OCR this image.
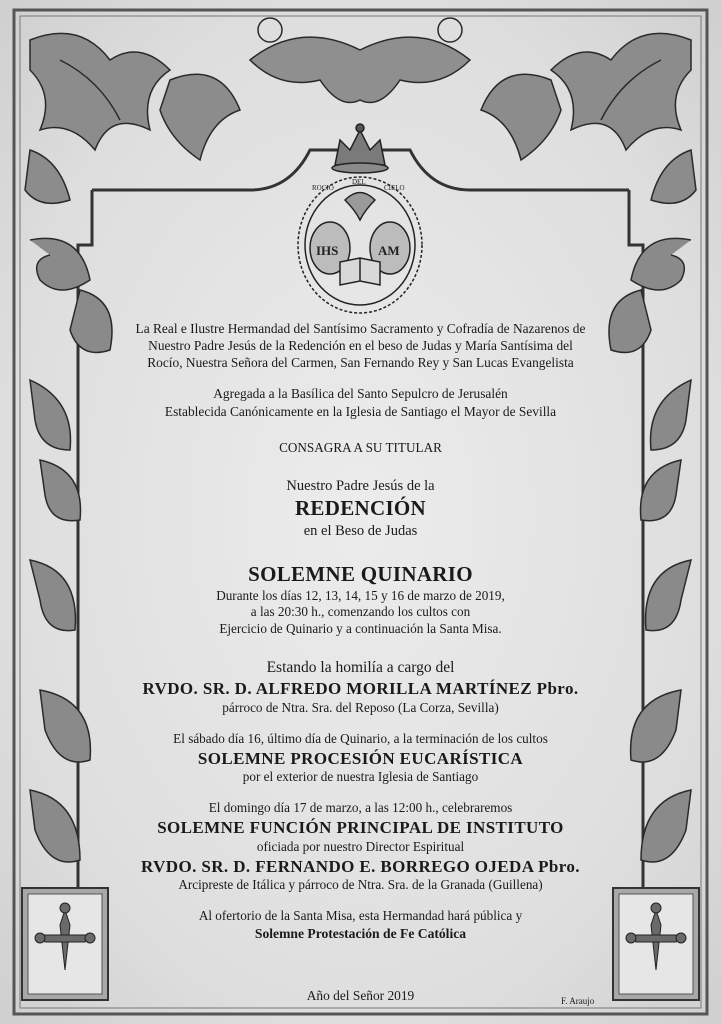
IHS	AM
ROCIO
DEL
CIELO

La Real e Ilustre Hermandad del Santísimo Sacramento y Cofradía de Nazarenos de

Nuestro Padre Jesús de la Redención en el beso de Judas y María Santísima del

Rocío, Nuestra Señora del Carmen, San Fernando Rey y San Lucas Evangelista

Agregada a la Basílica del Santo Sepulcro de Jerusalén

Establecida Canónicamente en la Iglesia de Santiago el Mayor de Sevilla

CONSAGRA A SU TITULAR

Nuestro Padre Jesús de la

REDENCIÓN

en el Beso de Judas

SOLEMNE QUINARIO

Durante los días 12, 13, 14, 15 y 16 de marzo de 2019,

a las 20:30 h., comenzando los cultos con

Ejercicio de Quinario y a continuación la Santa Misa.

Estando la homilía a cargo del

RVDO. SR. D. ALFREDO MORILLA MARTÍNEZ Pbro.

párroco de Ntra. Sra. del Reposo (La Corza, Sevilla)

El sábado día 16, último día de Quinario, a la terminación de los cultos

SOLEMNE PROCESIÓN EUCARÍSTICA

por el exterior de nuestra Iglesia de Santiago

El domingo día 17 de marzo, a las 12:00 h., celebraremos

SOLEMNE FUNCIÓN PRINCIPAL DE INSTITUTO

oficiada por nuestro Director Espiritual

RVDO. SR. D. FERNANDO E. BORREGO OJEDA Pbro.

Arcipreste de Itálica y párroco de Ntra. Sra. de la Granada (Guillena)

Al ofertorio de la Santa Misa, esta Hermandad hará pública y

Solemne Protestación de Fe Católica

Año del Señor 2019	F. Araujo
